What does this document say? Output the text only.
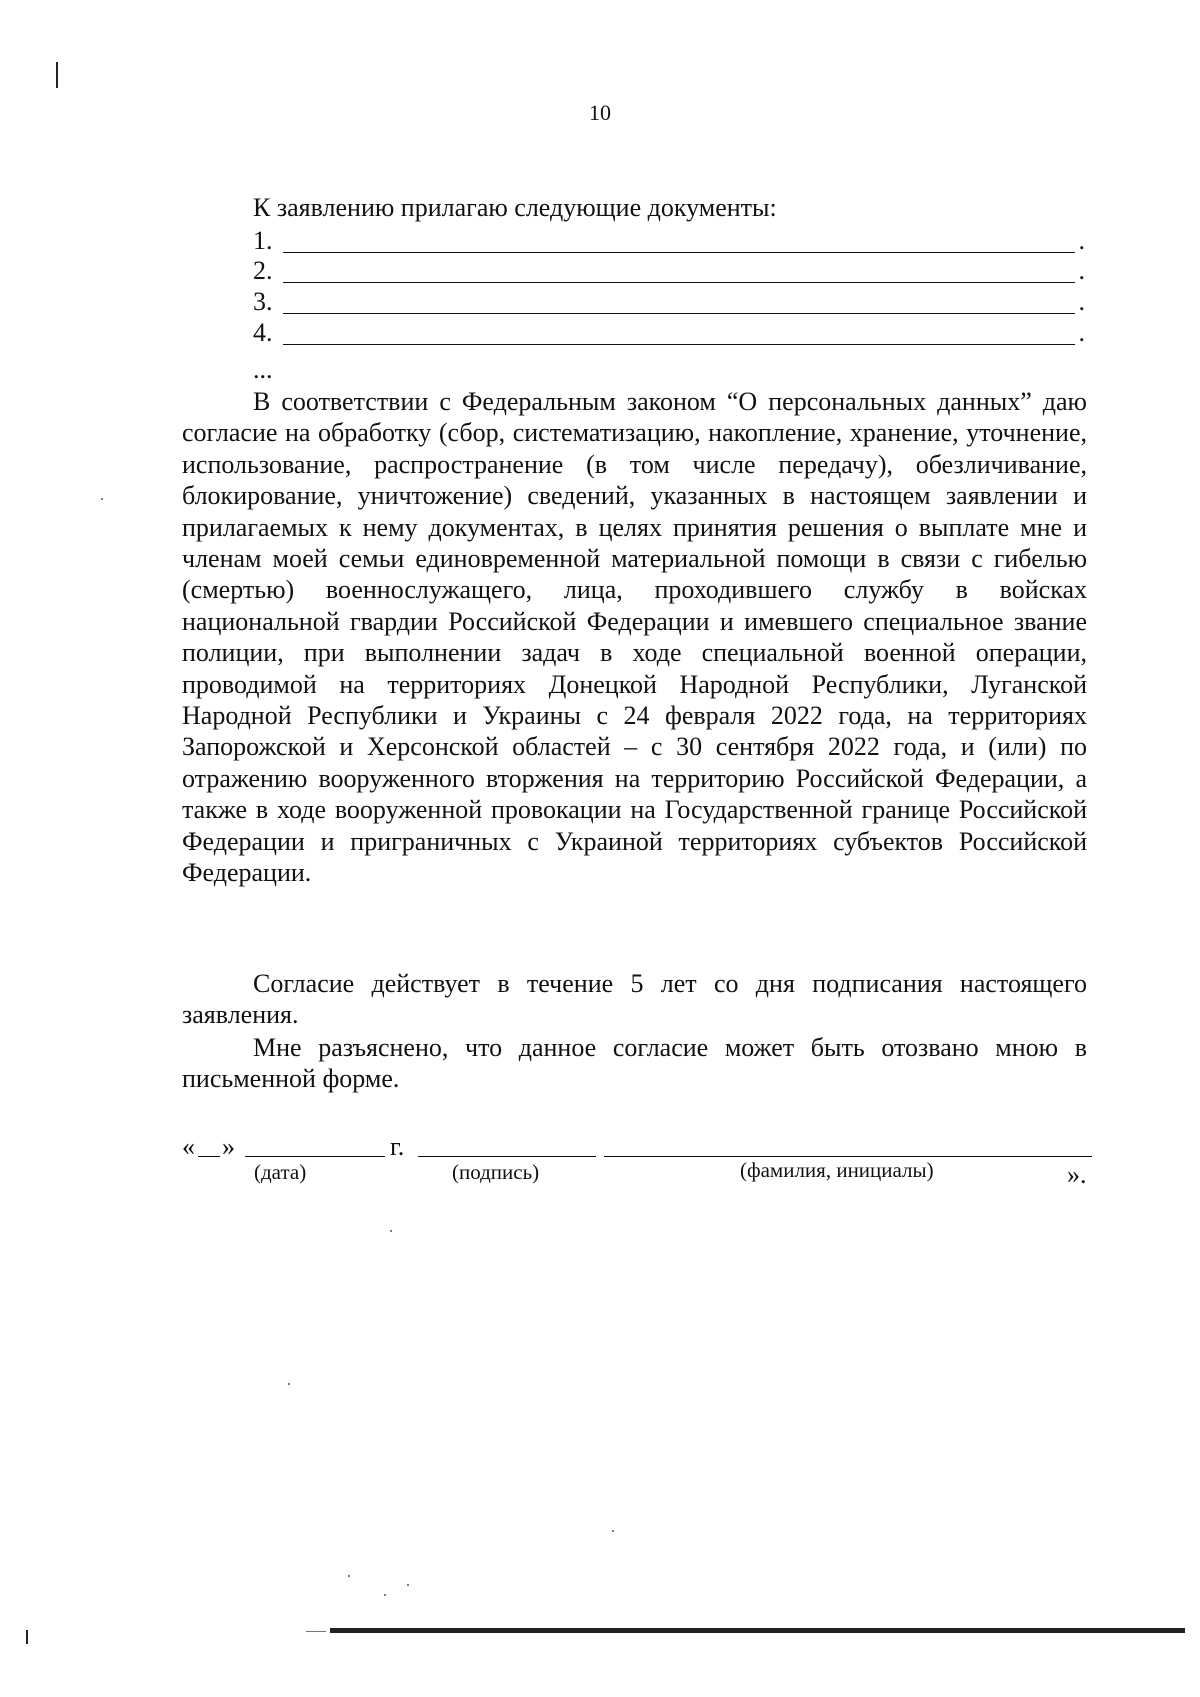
10
К заявлению прилагаю следующие документы:
1.	.
2.	.
3.	.
4.	.
...

В соответствии с Федеральным законом “О персональных данных” даю согласие на обработку (сбор, систематизацию, накопление, хранение, уточнение, использование, распространение (в том числе передачу), обезличивание, блокирование, уничтожение) сведений, указанных в настоящем заявлении и прилагаемых к нему документах, в целях принятия решения о выплате мне и членам моей семьи единовременной материальной помощи в связи с гибелью (смертью) военнослужащего, лица, проходившего службу в войсках национальной гвардии Российской Федерации и имевшего специальное звание полиции, при выполнении задач в ходе специальной военной операции, проводимой на территориях Донецкой Народной Республики, Луганской Народной Республики и Украины с 24 февраля 2022 года, на территориях Запорожской и Херсонской областей – с 30 сентября 2022 года, и (или) по отражению вооруженного вторжения на территорию Российской Федерации, а также в ходе вооруженной провокации на Государственной границе Российской Федерации и приграничных с Украиной территориях субъектов Российской Федерации.

Согласие действует в течение 5 лет со дня подписания настоящего заявления.

Мне разъяснено, что данное согласие может быть отозвано мною в письменной форме.

« »	г.
(дата)	(подпись)	(фамилия, инициалы)	».
